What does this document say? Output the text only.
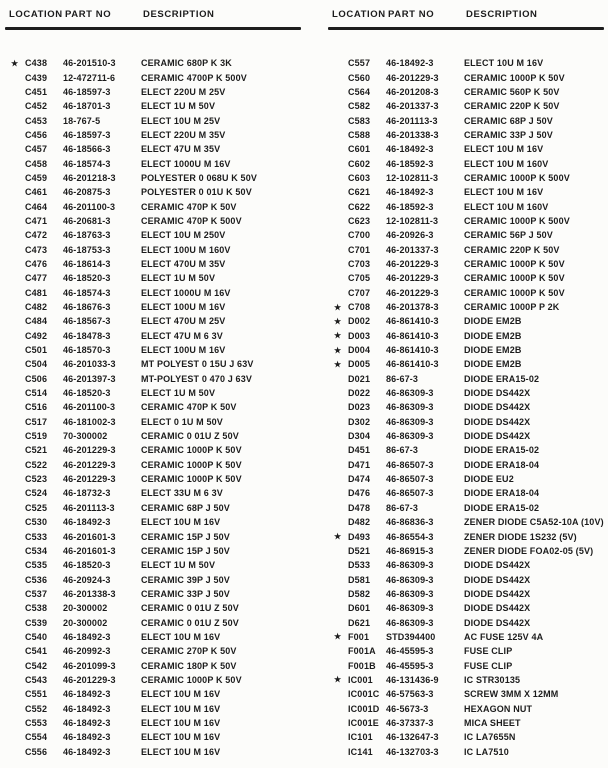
LOCATION PART NO	DESCRIPTION
★ C438	46-201510-3	CERAMIC 680P K 3K
C439	12-472711-6	CERAMIC 4700P K 500V
C451	46-18597-3	ELECT 220U M 25V
C452	46-18701-3	ELECT 1U M 50V
C453	18-767-5	ELECT 10U M 25V
C456	46-18597-3	ELECT 220U M 35V
C457	46-18566-3	ELECT 47U M 35V
C458	46-18574-3	ELECT 1000U M 16V
C459	46-201218-3	POLYESTER 0 068U K 50V
C461	46-20875-3	POLYESTER 0 01U K 50V
C464	46-201100-3	CERAMIC 470P K 50V
C471	46-20681-3	CERAMIC 470P K 500V
C472	46-18763-3	ELECT 10U M 250V
C473	46-18753-3	ELECT 100U M 160V
C476	46-18614-3	ELECT 470U M 35V
C477	46-18520-3	ELECT 1U M 50V
C481	46-18574-3	ELECT 1000U M 16V
C482	46-18676-3	ELECT 100U M 16V
C484	46-18567-3	ELECT 470U M 25V
C492	46-18478-3	ELECT 47U M 6 3V
C501	46-18570-3	ELECT 100U M 16V
C504	46-201033-3	MT POLYEST 0 15U J 63V
C506	46-201397-3	MT-POLYEST 0 470 J 63V
C514	46-18520-3	ELECT 1U M 50V
C516	46-201100-3	CERAMIC 470P K 50V
C517	46-181002-3	ELECT 0 1U M 50V
C519	70-300002	CERAMIC 0 01U Z 50V
C521	46-201229-3	CERAMIC 1000P K 50V
C522	46-201229-3	CERAMIC 1000P K 50V
C523	46-201229-3	CERAMIC 1000P K 50V
C524	46-18732-3	ELECT 33U M 6 3V
C525	46-201113-3	CERAMIC 68P J 50V
C530	46-18492-3	ELECT 10U M 16V
C533	46-201601-3	CERAMIC 15P J 50V
C534	46-201601-3	CERAMIC 15P J 50V
C535	46-18520-3	ELECT 1U M 50V
C536	46-20924-3	CERAMIC 39P J 50V
C537	46-201338-3	CERAMIC 33P J 50V
C538	20-300002	CERAMIC 0 01U Z 50V
C539	20-300002	CERAMIC 0 01U Z 50V
C540	46-18492-3	ELECT 10U M 16V
C541	46-20992-3	CERAMIC 270P K 50V
C542	46-201099-3	CERAMIC 180P K 50V
C543	46-201229-3	CERAMIC 1000P K 50V
C551	46-18492-3	ELECT 10U M 16V
C552	46-18492-3	ELECT 10U M 16V
C553	46-18492-3	ELECT 10U M 16V
C554	46-18492-3	ELECT 10U M 16V
C556	46-18492-3	ELECT 10U M 16V
LOCATION PART NO	DESCRIPTION
C557	46-18492-3	ELECT 10U M 16V
C560	46-201229-3	CERAMIC 1000P K 50V
C564	46-201208-3	CERAMIC 560P K 50V
C582	46-201337-3	CERAMIC 220P K 50V
C583	46-201113-3	CERAMIC 68P J 50V
C588	46-201338-3	CERAMIC 33P J 50V
C601	46-18492-3	ELECT 10U M 16V
C602	46-18592-3	ELECT 10U M 160V
C603	12-102811-3	CERAMIC 1000P K 500V
C621	46-18492-3	ELECT 10U M 16V
C622	46-18592-3	ELECT 10U M 160V
C623	12-102811-3	CERAMIC 1000P K 500V
C700	46-20926-3	CERAMIC 56P J 50V
C701	46-201337-3	CERAMIC 220P K 50V
C703	46-201229-3	CERAMIC 1000P K 50V
C705	46-201229-3	CERAMIC 1000P K 50V
C707	46-201229-3	CERAMIC 1000P K 50V
★ C708	46-201378-3	CERAMIC 1000P P 2K
★ D002	46-861410-3	DIODE EM2B
★ D003	46-861410-3	DIODE EM2B
★ D004	46-861410-3	DIODE EM2B
★ D005	46-861410-3	DIODE EM2B
D021	86-67-3	DIODE ERA15-02
D022	46-86309-3	DIODE DS442X
D023	46-86309-3	DIODE DS442X
D302	46-86309-3	DIODE DS442X
D304	46-86309-3	DIODE DS442X
D451	86-67-3	DIODE ERA15-02
D471	46-86507-3	DIODE ERA18-04
D474	46-86507-3	DIODE EU2
D476	46-86507-3	DIODE ERA18-04
D478	86-67-3	DIODE ERA15-02
D482	46-86836-3	ZENER DIODE C5A52-10A (10V)
★ D493	46-86554-3	ZENER DIODE 1S232 (5V)
D521	46-86915-3	ZENER DIODE FOA02-05 (5V)
D533	46-86309-3	DIODE DS442X
D581	46-86309-3	DIODE DS442X
D582	46-86309-3	DIODE DS442X
D601	46-86309-3	DIODE DS442X
D621	46-86309-3	DIODE DS442X
★ F001	STD394400	AC FUSE 125V 4A
F001A	46-45595-3	FUSE CLIP
F001B	46-45595-3	FUSE CLIP
★ IC001	46-131436-9	IC STR30135
IC001C 46-57563-3	SCREW 3MM X 12MM
IC001D 46-5673-3	HEXAGON NUT
IC001E 46-37337-3	MICA SHEET
IC101	46-132647-3	IC LA7655N
IC141	46-132703-3	IC LA7510
